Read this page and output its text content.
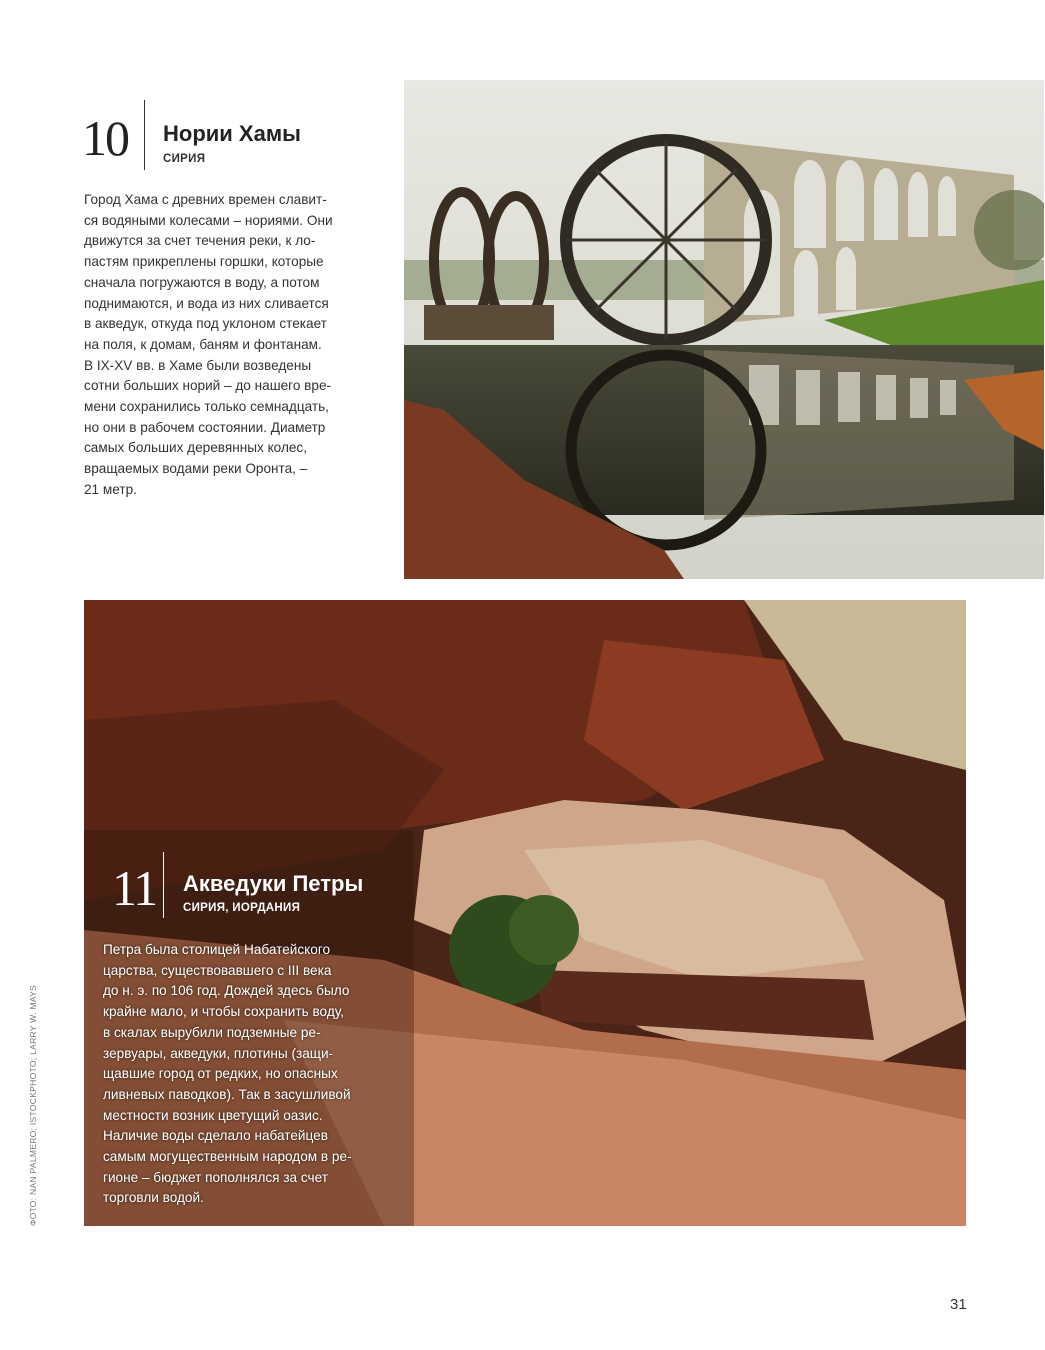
10 Нории Хамы
СИРИЯ
Город Хама с древних времен славит-
ся водяными колесами – нориями. Они
движутся за счет течения реки, к ло-
пастям прикреплены горшки, которые
сначала погружаются в воду, а потом
поднимаются, и вода из них сливается
в акведук, откуда под уклоном стекает
на поля, к домам, баням и фонтанам.
В IX-XV вв. в Хаме были возведены
сотни больших норий – до нашего вре-
мени сохранились только семнадцать,
но они в рабочем состоянии. Диаметр
самых больших деревянных колес,
вращаемых водами реки Оронта, –
21 метр.
11 Акведуки Петры
СИРИЯ, ИОРДАНИЯ
Петра была столицей Набатейского
царства, существовавшего с III века
до н. э. по 106 год. Дождей здесь было
крайне мало, и чтобы сохранить воду,
в скалах вырубили подземные ре-
зервуары, акведуки, плотины (защи-
щавшие город от редких, но опасных
ливневых паводков). Так в засушливой
местности возник цветущий оазис.
Наличие воды сделало набатейцев
самым могущественным народом в ре-
гионе – бюджет пополнялся за счет
торговли водой.
ФОТО: NAN PALMERO; ISTOCKPHOTO; LARRY W. MAYS
31
